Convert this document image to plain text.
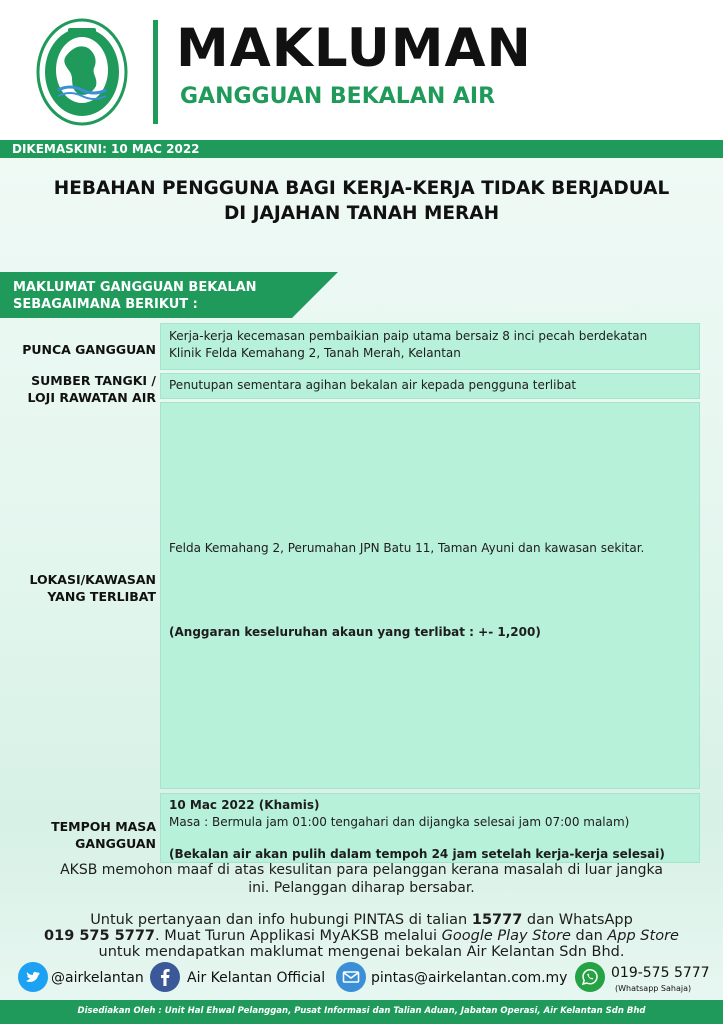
MAKLUMAN
GANGGUAN BEKALAN AIR
DIKEMASKINI: 10 MAC 2022
HEBAHAN PENGGUNA BAGI KERJA-KERJA TIDAK BERJADUAL
DI JAJAHAN TANAH MERAH
MAKLUMAT GANGGUAN BEKALAN
SEBAGAIMANA BERIKUT :
PUNCA GANGGUAN
Kerja-kerja kecemasan pembaikian paip utama bersaiz 8 inci pecah berdekatan
Klinik Felda Kemahang 2, Tanah Merah, Kelantan
SUMBER TANGKI /
LOJI RAWATAN AIR
Penutupan sementara agihan bekalan air kepada pengguna terlibat
LOKASI/KAWASAN
YANG TERLIBAT
Felda Kemahang 2, Perumahan JPN Batu 11, Taman Ayuni dan kawasan sekitar.
(Anggaran keseluruhan akaun yang terlibat : +- 1,200)
TEMPOH MASA
GANGGUAN
10 Mac 2022 (Khamis)
Masa : Bermula jam 01:00 tengahari dan dijangka selesai jam 07:00 malam)
(Bekalan air akan pulih dalam tempoh 24 jam setelah kerja-kerja selesai)
AKSB memohon maaf di atas kesulitan para pelanggan kerana masalah di luar jangka
ini. Pelanggan diharap bersabar.
Untuk pertanyaan dan info hubungi PINTAS di talian 15777 dan WhatsApp
019 575 5777. Muat Turun Applikasi MyAKSB melalui Google Play Store dan App Store
untuk mendapatkan maklumat mengenai bekalan Air Kelantan Sdn Bhd.
@airkelantan	Air Kelantan Official	pintas@airkelantan.com.my	019-575 5777
(Whatsapp Sahaja)
Disediakan Oleh : Unit Hal Ehwal Pelanggan, Pusat Informasi dan Talian Aduan, Jabatan Operasi, Air Kelantan Sdn Bhd
